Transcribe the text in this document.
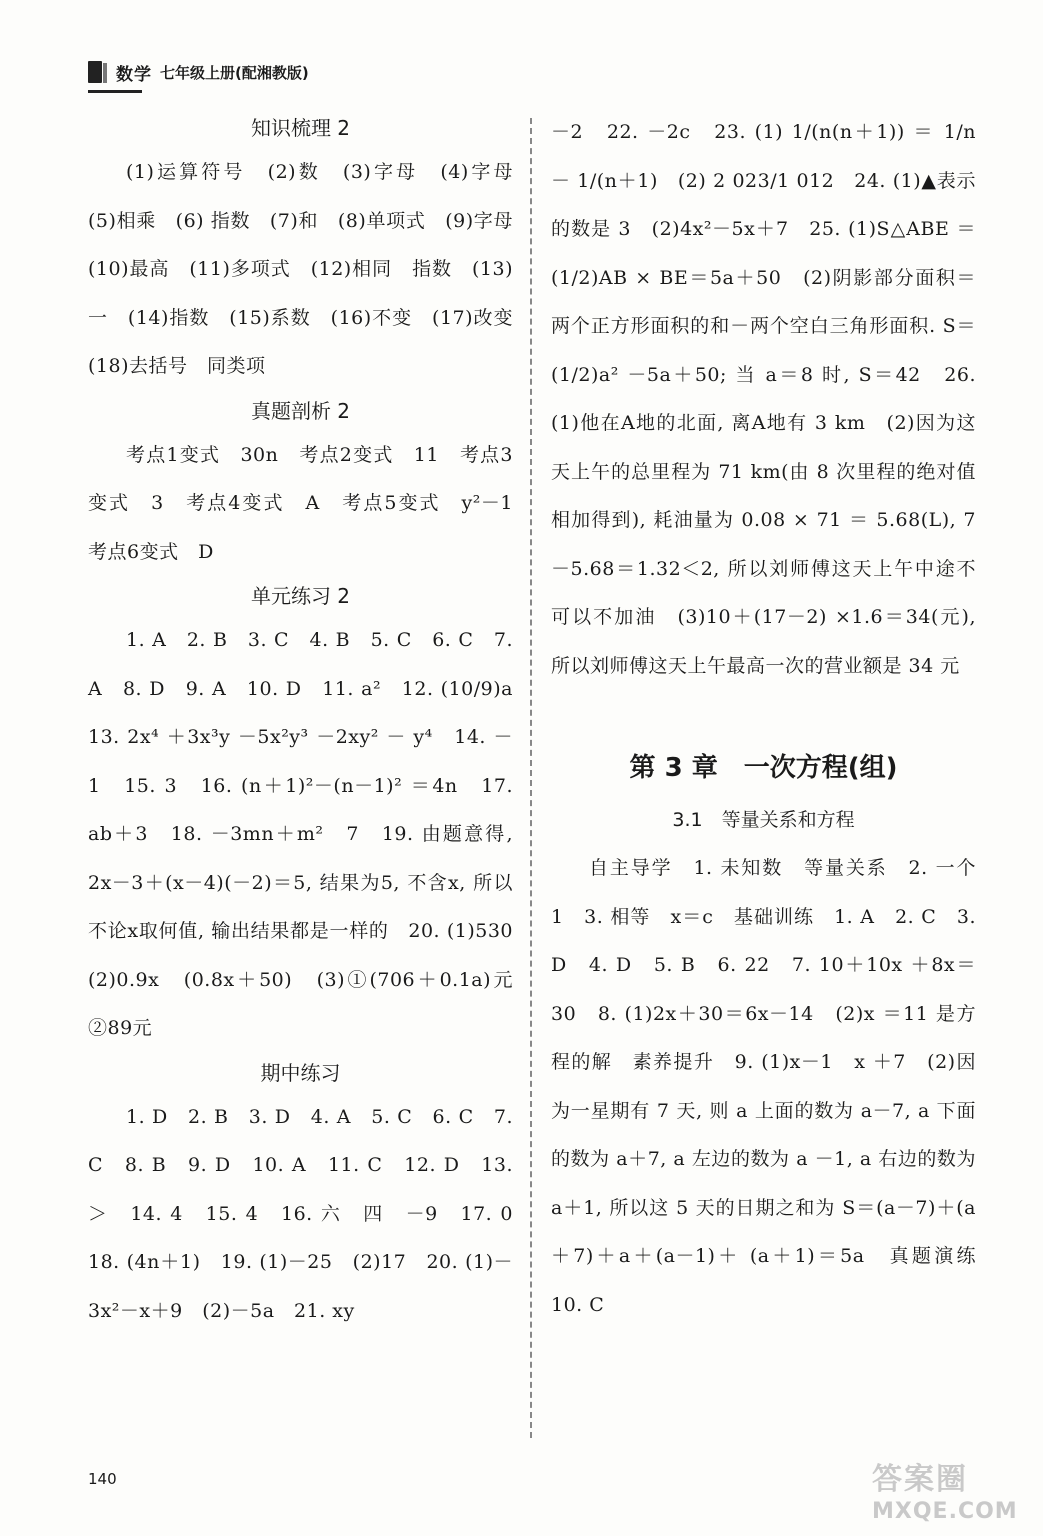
数学 七年级上册(配湘教版)
知识梳理 2

(1)运算符号　(2)数　(3)字母　(4)字母　(5)相乘　(6) 指数　(7)和　(8)单项式　(9)字母　(10)最高　(11)多项式　(12)相同　指数　(13)一　(14)指数　(15)系数　(16)不变　(17)改变　(18)去括号　同类项

真题剖析 2

考点1变式　30n　考点2变式　11　考点3变式　3　考点4变式　A　考点5变式　y²－1　考点6变式　D

单元练习 2

1. A　2. B　3. C　4. B　5. C　6. C　7. A　8. D　9. A　10. D　11. a²　12. (10/9)a　13. 2x⁴ ＋3x³y －5x²y³ －2xy² － y⁴　14. －1　15. 3　16. (n＋1)²－(n－1)² ＝4n　17. ab＋3　18. －3mn＋m²　7　19. 由题意得, 2x－3＋(x－4)(－2)＝5, 结果为5, 不含x, 所以不论x取何值, 输出结果都是一样的　20. (1)530　(2)0.9x　(0.8x＋50)　(3)①(706＋0.1a)元　②89元

期中练习

1. D　2. B　3. D　4. A　5. C　6. C　7. C　8. B　9. D　10. A　11. C　12. D　13. ＞　14. 4　15. 4　16. 六　四　－9　17. 0　18. (4n＋1)　19. (1)－25　(2)17　20. (1)－3x²－x＋9　(2)－5a　21. xy

－2　22. －2c　23. (1) 1/(n(n＋1)) ＝ 1/n － 1/(n＋1)　(2) 2 023/1 012　24. (1)▲表示的数是 3　(2)4x²－5x＋7　25. (1)S△ABE ＝ (1/2)AB × BE＝5a＋50　(2)阴影部分面积＝两个正方形面积的和－两个空白三角形面积. S＝(1/2)a² －5a＋50; 当 a＝8 时, S＝42　26. (1)他在A地的北面, 离A地有 3 km　(2)因为这天上午的总里程为 71 km(由 8 次里程的绝对值相加得到), 耗油量为 0.08 × 71 ＝ 5.68(L), 7－5.68＝1.32＜2, 所以刘师傅这天上午中途不可以不加油　(3)10＋(17－2) ×1.6＝34(元), 所以刘师傅这天上午最高一次的营业额是 34 元

第 3 章　一次方程(组)
3.1　等量关系和方程

自主导学　1. 未知数　等量关系　2. 一个　1　3. 相等　x＝c　基础训练　1. A　2. C　3. D　4. D　5. B　6. 22　7. 10＋10x ＋8x＝30　8. (1)2x＋30＝6x－14　(2)x ＝11 是方程的解　素养提升　9. (1)x－1　x ＋7　(2)因为一星期有 7 天, 则 a 上面的数为 a－7, a 下面的数为 a＋7, a 左边的数为 a －1, a 右边的数为 a＋1, 所以这 5 天的日期之和为 S＝(a－7)＋(a＋7)＋a＋(a－1)＋ (a＋1)＝5a　真题演练　10. C

140	答案圈
MXQE.COM
